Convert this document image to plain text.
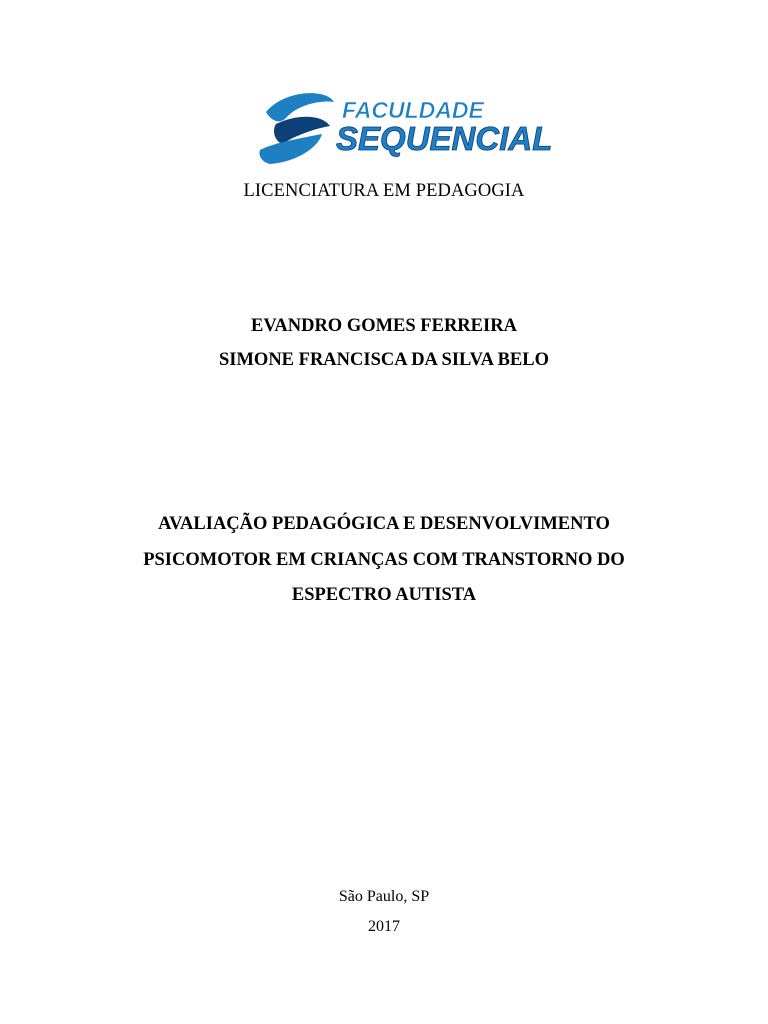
FACULDADE
SEQUENCIAL
LICENCIATURA EM PEDAGOGIA
EVANDRO GOMES FERREIRA
SIMONE FRANCISCA DA SILVA BELO
AVALIAÇÃO PEDAGÓGICA E DESENVOLVIMENTO
PSICOMOTOR EM CRIANÇAS COM TRANSTORNO DO
ESPECTRO AUTISTA
São Paulo, SP
2017
